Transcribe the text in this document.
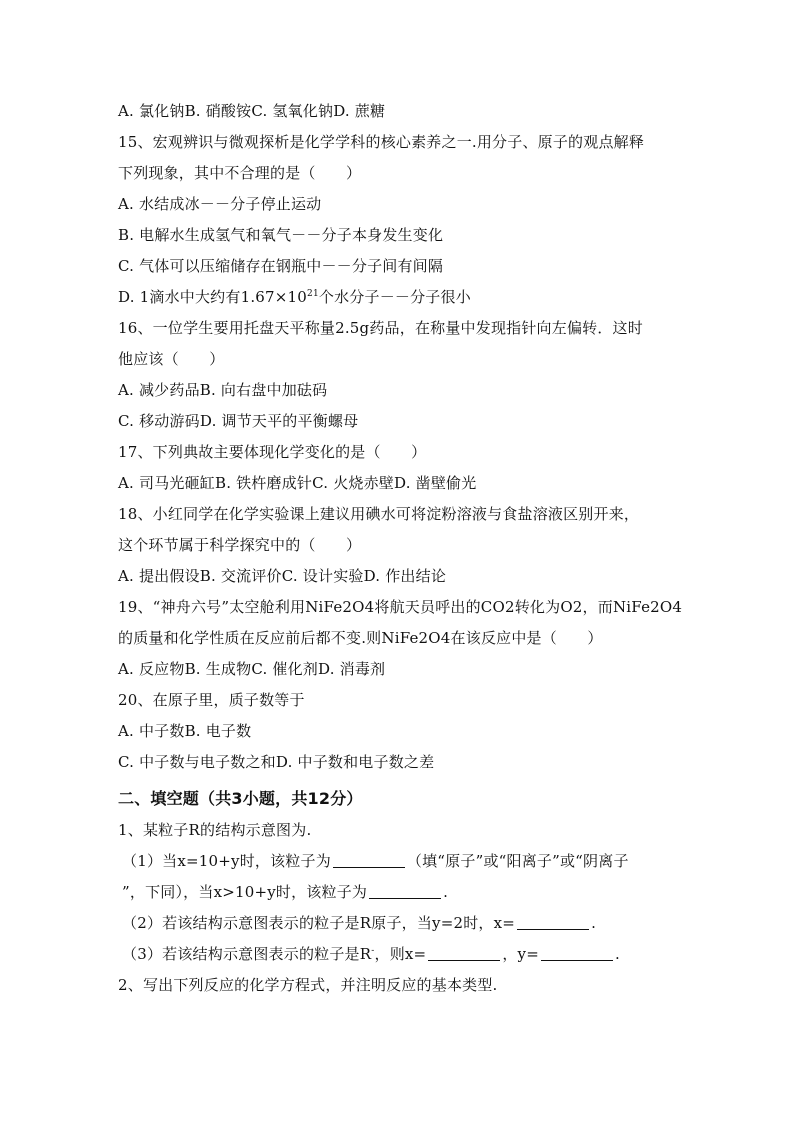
A. 氯化钠B. 硝酸铵C. 氢氧化钠D. 蔗糖
15、宏观辨识与微观探析是化学学科的核心素养之一.用分子、原子的观点解释
下列现象，其中不合理的是（　　）
A. 水结成冰－－分子停止运动
B. 电解水生成氢气和氧气－－分子本身发生变化
C. 气体可以压缩储存在钢瓶中－－分子间有间隔
D. 1滴水中大约有$1.67\times 10^{21}$个水分子－－分子很小
16、一位学生要用托盘天平称量2.5g药品，在称量中发现指针向左偏转．这时
他应该（　　）
A. 减少药品B. 向右盘中加砝码
C. 移动游码D. 调节天平的平衡螺母
17、下列典故主要体现化学变化的是（　　）
A. 司马光砸缸B. 铁杵磨成针C. 火烧赤壁D. 凿壁偷光
18、小红同学在化学实验课上建议用碘水可将淀粉溶液与食盐溶液区别开来，
这个环节属于科学探究中的（　　）
A. 提出假设B. 交流评价C. 设计实验D. 作出结论
19、“神舟六号”太空舱利用NiFe2O4将航天员呼出的CO2转化为O2，而NiFe2O4
的质量和化学性质在反应前后都不变.则NiFe2O4在该反应中是（　　）
A. 反应物B. 生成物C. 催化剂D. 消毒剂
20、在原子里，质子数等于
A. 中子数B. 电子数
C. 中子数与电子数之和D. 中子数和电子数之差
二、填空题（共3小题，共12分）
1、某粒子R的结构示意图为.
（1）当x=10+y时，该粒子为	（填“原子”或“阳离子”或“阴离子
”，下同），当x>10+y时，该粒子为	.
（2）若该结构示意图表示的粒子是R原子，当y=2时，x=	.
（3）若该结构示意图表示的粒子是R-，则x=	，y=	.
2、写出下列反应的化学方程式，并注明反应的基本类型.
